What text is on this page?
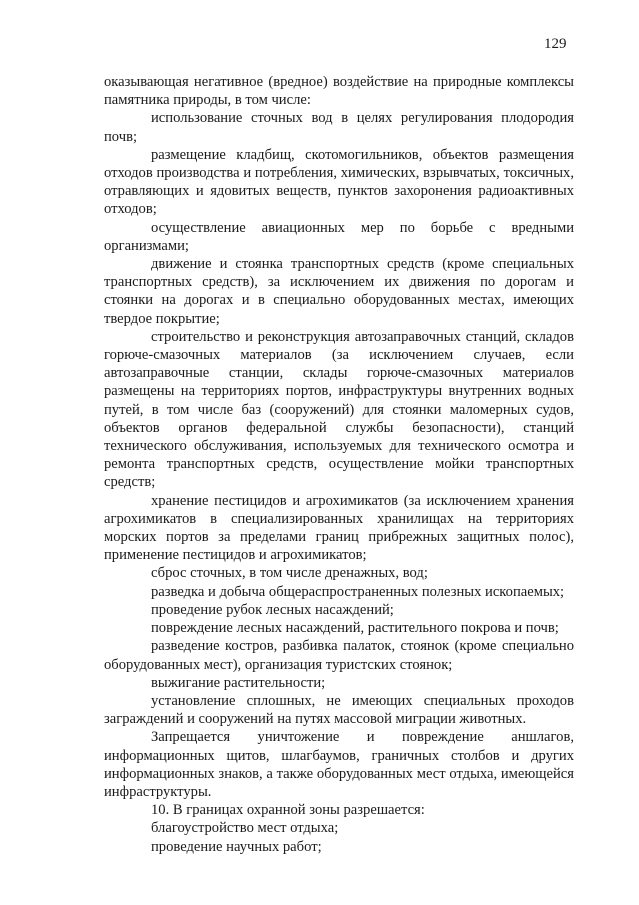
129

оказывающая негативное (вредное) воздействие на природные комплексы памятника природы, в том числе:

использование сточных вод в целях регулирования плодородия почв;

размещение кладбищ, скотомогильников, объектов размещения отходов производства и потребления, химических, взрывчатых, токсичных, отравляющих и ядовитых веществ, пунктов захоронения радиоактивных отходов;

осуществление авиационных мер по борьбе с вредными организмами;

движение и стоянка транспортных средств (кроме специальных транспортных средств), за исключением их движения по дорогам и стоянки на дорогах и в специально оборудованных местах, имеющих твердое покрытие;

строительство и реконструкция автозаправочных станций, складов горюче-смазочных материалов (за исключением случаев, если автозаправочные станции, склады горюче-смазочных материалов размещены на территориях портов, инфраструктуры внутренних водных путей, в том числе баз (сооружений) для стоянки маломерных судов, объектов органов федеральной службы безопасности), станций технического обслуживания, используемых для технического осмотра и ремонта транспортных средств, осуществление мойки транспортных средств;

хранение пестицидов и агрохимикатов (за исключением хранения агрохимикатов в специализированных хранилищах на территориях морских портов за пределами границ прибрежных защитных полос), применение пестицидов и агрохимикатов;

сброс сточных, в том числе дренажных, вод;

разведка и добыча общераспространенных полезных ископаемых;

проведение рубок лесных насаждений;

повреждение лесных насаждений, растительного покрова и почв;

разведение костров, разбивка палаток, стоянок (кроме специально оборудованных мест), организация туристских стоянок;

выжигание растительности;

установление сплошных, не имеющих специальных проходов заграждений и сооружений на путях массовой миграции животных.

Запрещается уничтожение и повреждение аншлагов, информационных щитов, шлагбаумов, граничных столбов и других информационных знаков, а также оборудованных мест отдыха, имеющейся инфраструктуры.

10. В границах охранной зоны разрешается:

благоустройство мест отдыха;

проведение научных работ;
